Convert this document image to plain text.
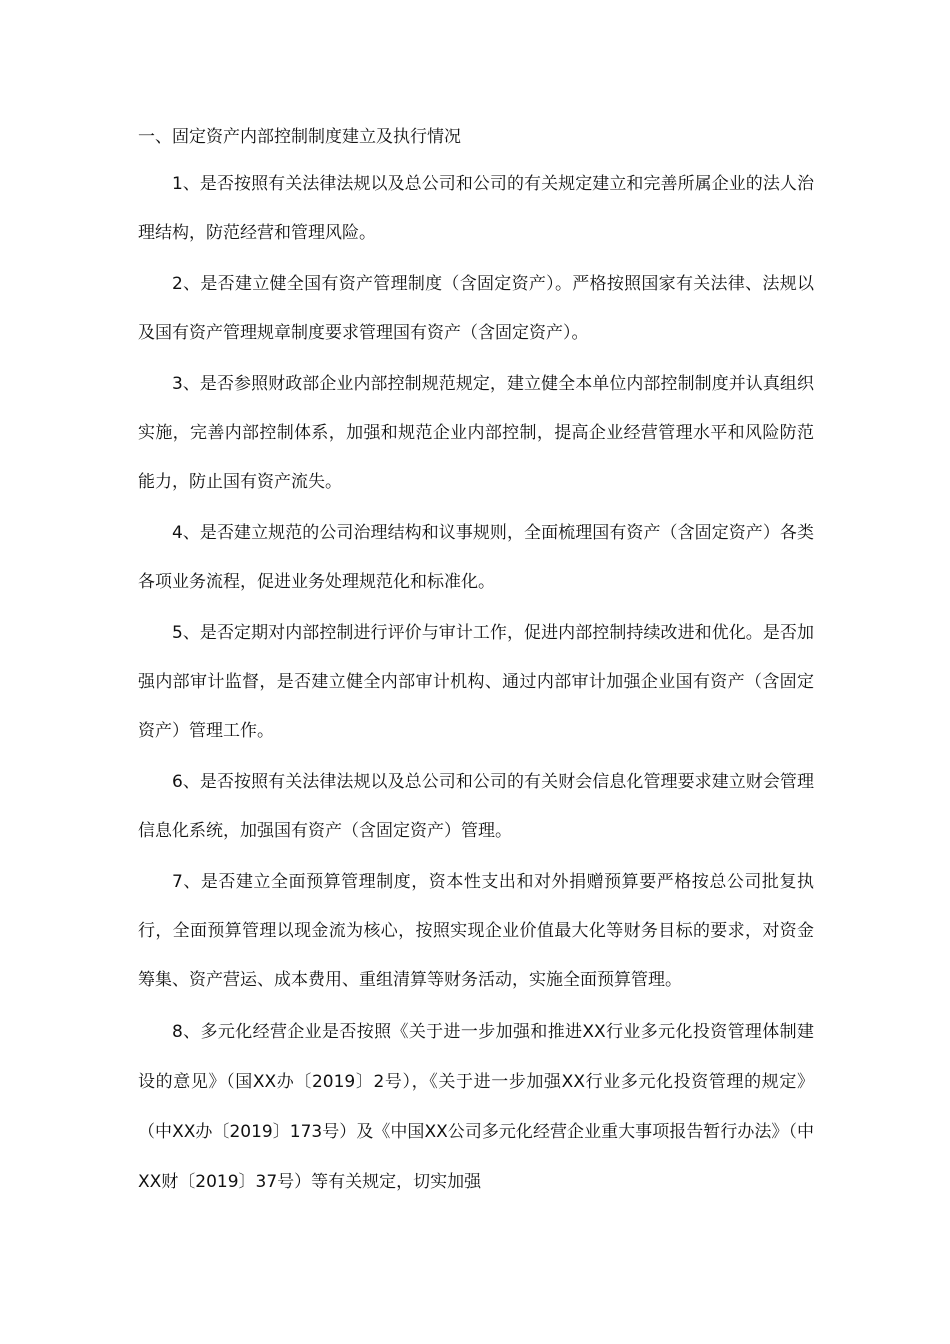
一、固定资产内部控制制度建立及执行情况

1、是否按照有关法律法规以及总公司和公司的有关规定建立和完善所属企业的法人治理结构，防范经营和管理风险。

2、是否建立健全国有资产管理制度（含固定资产）。严格按照国家有关法律、法规以及国有资产管理规章制度要求管理国有资产（含固定资产）。

3、是否参照财政部企业内部控制规范规定，建立健全本单位内部控制制度并认真组织实施，完善内部控制体系，加强和规范企业内部控制，提高企业经营管理水平和风险防范能力，防止国有资产流失。

4、是否建立规范的公司治理结构和议事规则，全面梳理国有资产（含固定资产）各类各项业务流程，促进业务处理规范化和标准化。

5、是否定期对内部控制进行评价与审计工作，促进内部控制持续改进和优化。是否加强内部审计监督，是否建立健全内部审计机构、通过内部审计加强企业国有资产（含固定资产）管理工作。

6、是否按照有关法律法规以及总公司和公司的有关财会信息化管理要求建立财会管理信息化系统，加强国有资产（含固定资产）管理。

7、是否建立全面预算管理制度，资本性支出和对外捐赠预算要严格按总公司批复执行，全面预算管理以现金流为核心，按照实现企业价值最大化等财务目标的要求，对资金筹集、资产营运、成本费用、重组清算等财务活动，实施全面预算管理。

8、多元化经营企业是否按照《关于进一步加强和推进XX行业多元化投资管理体制建设的意见》（国XX办〔2019〕2号），《关于进一步加强XX行业多元化投资管理的规定》（中XX办〔2019〕173号）及《中国XX公司多元化经营企业重大事项报告暂行办法》（中XX财〔2019〕37号）等有关规定，切实加强
